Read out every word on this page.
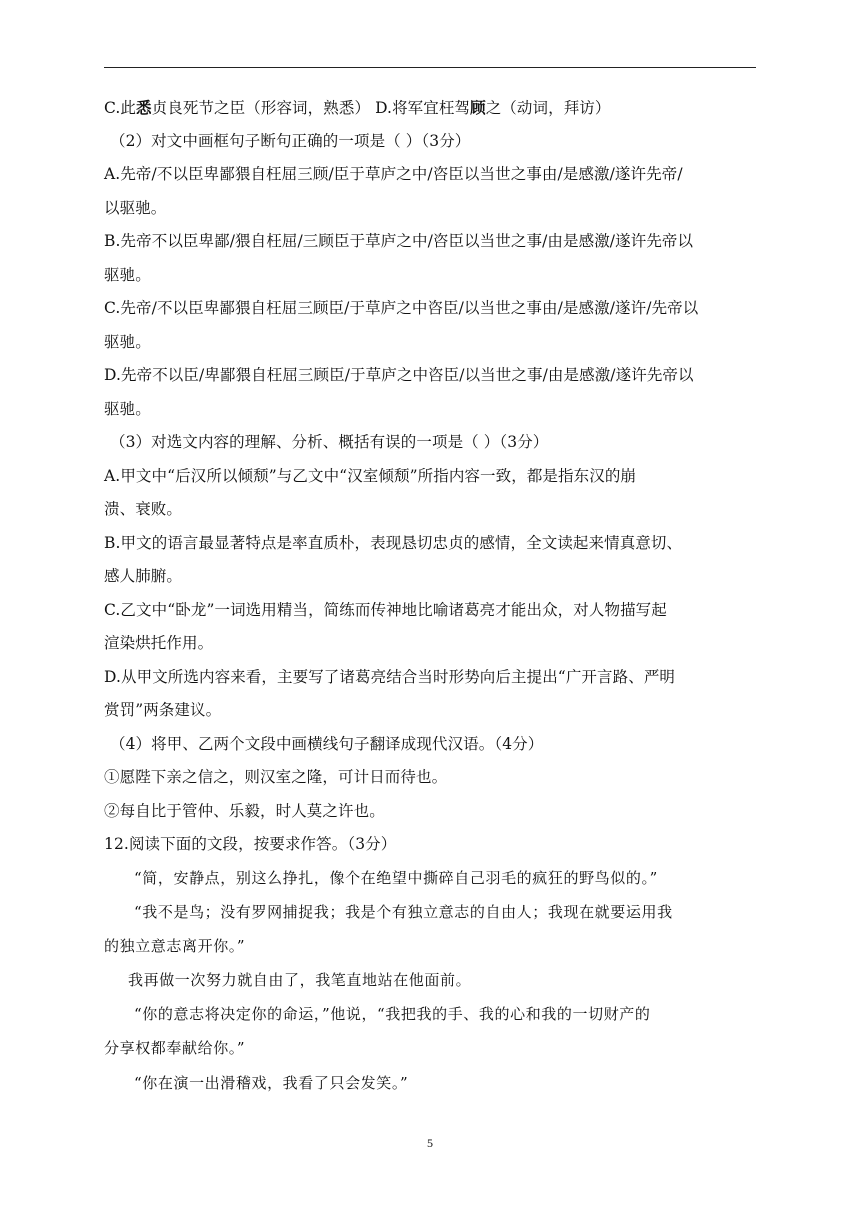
C.此悉贞良死节之臣（形容词，熟悉） D.将军宜枉驾顾之（动词，拜访）
（2）对文中画框句子断句正确的一项是（ ）（3分）
A.先帝/不以臣卑鄙猥自枉屈三顾/臣于草庐之中/咨臣以当世之事由/是感激/遂许先帝/
以驱驰。
B.先帝不以臣卑鄙/猥自枉屈/三顾臣于草庐之中/咨臣以当世之事/由是感激/遂许先帝以
驱驰。
C.先帝/不以臣卑鄙猥自枉屈三顾臣/于草庐之中咨臣/以当世之事由/是感激/遂许/先帝以
驱驰。
D.先帝不以臣/卑鄙猥自枉屈三顾臣/于草庐之中咨臣/以当世之事/由是感激/遂许先帝以
驱驰。
（3）对选文内容的理解、分析、概括有误的一项是（ ）（3分）
A.甲文中“后汉所以倾颓”与乙文中“汉室倾颓”所指内容一致，都是指东汉的崩
溃、衰败。
B.甲文的语言最显著特点是率直质朴，表现恳切忠贞的感情，全文读起来情真意切、
感人肺腑。
C.乙文中“卧龙”一词选用精当，简练而传神地比喻诸葛亮才能出众，对人物描写起
渲染烘托作用。
D.从甲文所选内容来看，主要写了诸葛亮结合当时形势向后主提出“广开言路、严明
赏罚”两条建议。
（4）将甲、乙两个文段中画横线句子翻译成现代汉语。（4分）
①愿陛下亲之信之，则汉室之隆，可计日而待也。
②每自比于管仲、乐毅，时人莫之许也。
12.阅读下面的文段，按要求作答。（3分）
“简，安静点，别这么挣扎，像个在绝望中撕碎自己羽毛的疯狂的野鸟似的。”
“我不是鸟；没有罗网捕捉我；我是个有独立意志的自由人；我现在就要运用我
的独立意志离开你。”
我再做一次努力就自由了，我笔直地站在他面前。
“你的意志将决定你的命运，”他说，“我把我的手、我的心和我的一切财产的
分享权都奉献给你。”
“你在演一出滑稽戏，我看了只会发笑。”
5
